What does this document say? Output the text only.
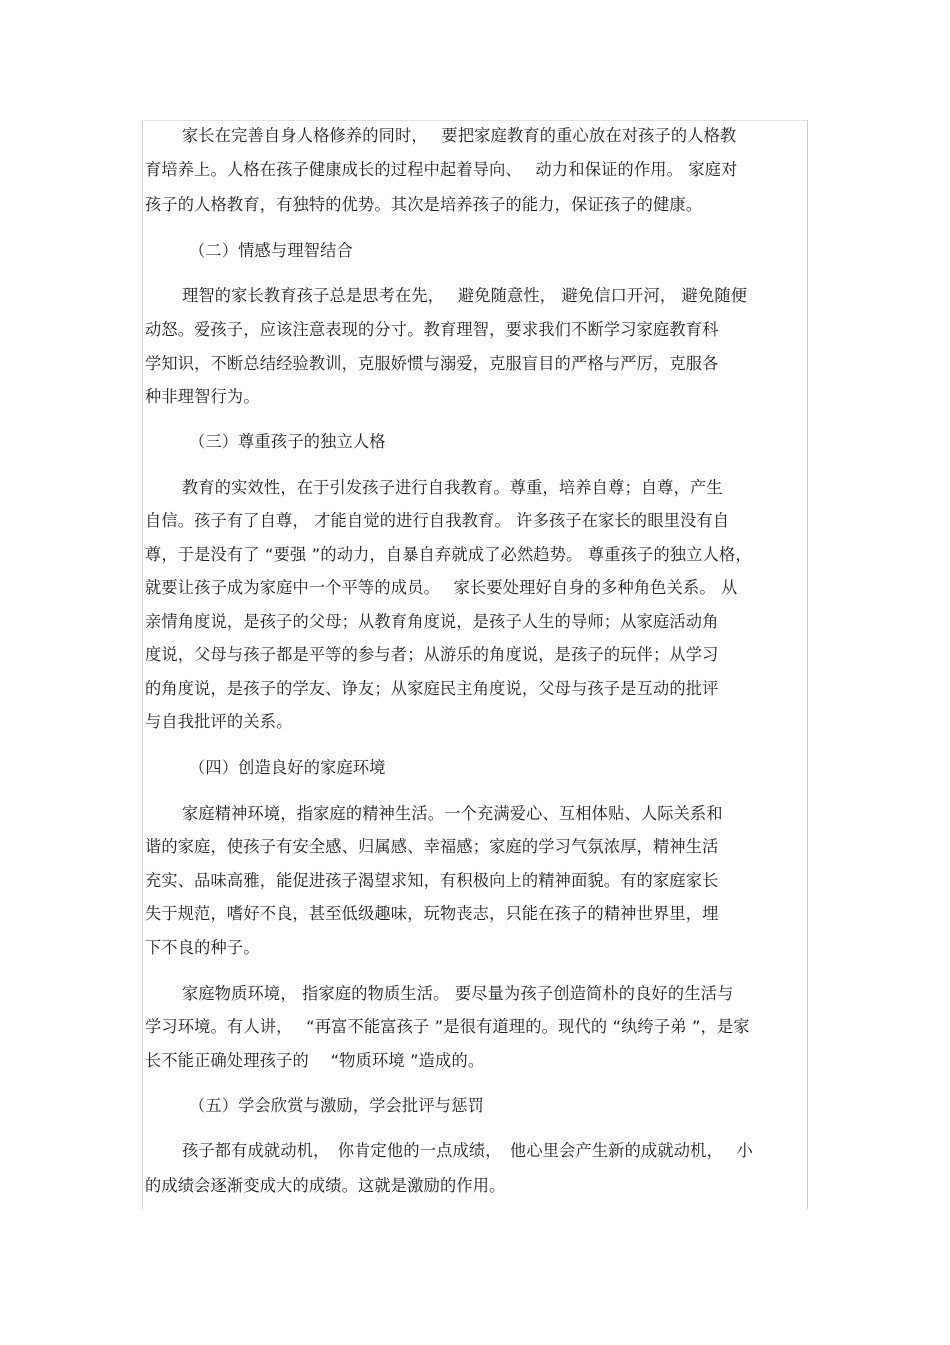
家长在完善自身人格修养的同时，　 要把家庭教育的重心放在对孩子的人格教
育培养上。人格在孩子健康成长的过程中起着导向、　 动力和保证的作用。 家庭对
孩子的人格教育，有独特的优势。其次是培养孩子的能力，保证孩子的健康。
（二）情感与理智结合
理智的家长教育孩子总是思考在先，　 避免随意性， 避免信口开河， 避免随便
动怒。爱孩子，应该注意表现的分寸。教育理智，要求我们不断学习家庭教育科
学知识，不断总结经验教训，克服娇惯与溺爱，克服盲目的严格与严厉，克服各
种非理智行为。
（三）尊重孩子的独立人格
教育的实效性，在于引发孩子进行自我教育。尊重，培养自尊；自尊，产生
自信。孩子有了自尊， 才能自觉的进行自我教育。 许多孩子在家长的眼里没有自
尊，于是没有了 “要强 ”的动力，自暴自弃就成了必然趋势。 尊重孩子的独立人格，
就要让孩子成为家庭中一个平等的成员。　 家长要处理好自身的多种角色关系。 从
亲情角度说，是孩子的父母；从教育角度说，是孩子人生的导师；从家庭活动角
度说，父母与孩子都是平等的参与者；从游乐的角度说，是孩子的玩伴；从学习
的角度说，是孩子的学友、诤友；从家庭民主角度说，父母与孩子是互动的批评
与自我批评的关系。
（四）创造良好的家庭环境
家庭精神环境，指家庭的精神生活。一个充满爱心、互相体贴、人际关系和
谐的家庭，使孩子有安全感、归属感、幸福感；家庭的学习气氛浓厚，精神生活
充实、品味高雅，能促进孩子渴望求知，有积极向上的精神面貌。有的家庭家长
失于规范，嗜好不良，甚至低级趣味，玩物丧志，只能在孩子的精神世界里，埋
下不良的种子。
家庭物质环境， 指家庭的物质生活。 要尽量为孩子创造简朴的良好的生活与
学习环境。有人讲，　 “再富不能富孩子 ”是很有道理的。现代的 “纨绔子弟 ”，是家
长不能正确处理孩子的　 “物质环境 ”造成的。
（五）学会欣赏与激励，学会批评与惩罚
孩子都有成就动机，　你肯定他的一点成绩，　他心里会产生新的成就动机，　 小
的成绩会逐渐变成大的成绩。这就是激励的作用。
